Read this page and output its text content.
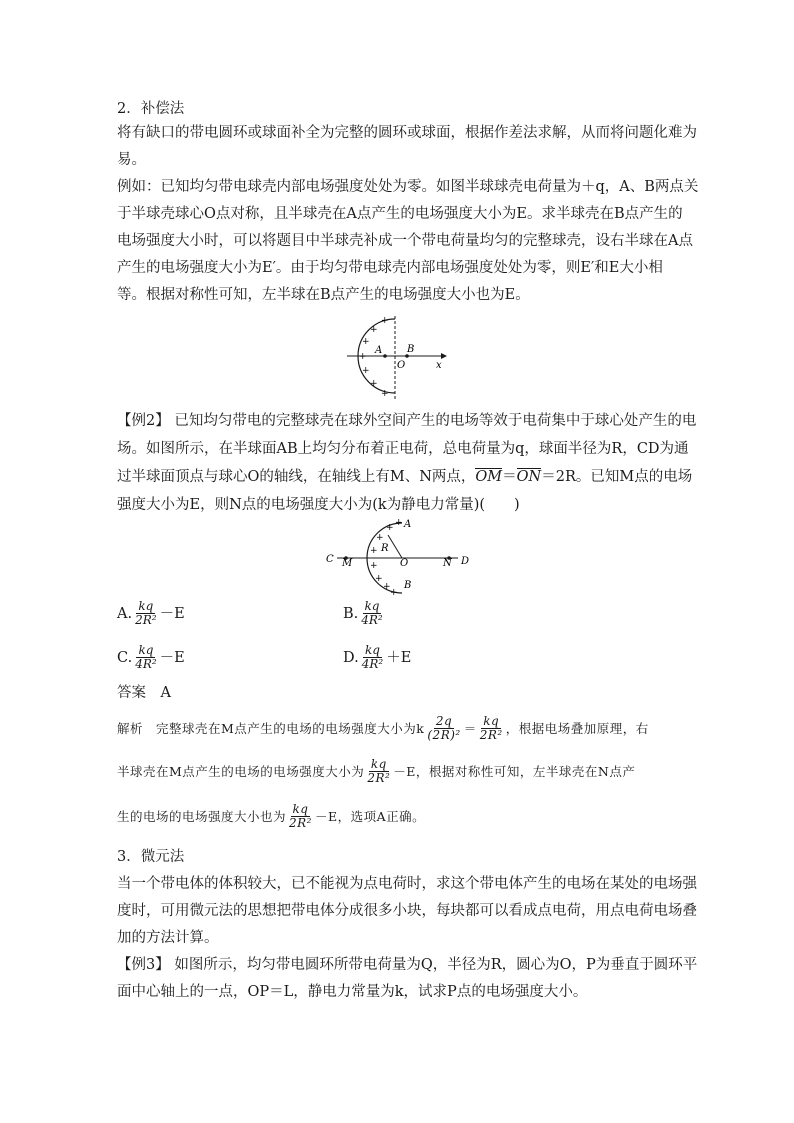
2．补偿法
将有缺口的带电圆环或球面补全为完整的圆环或球面，根据作差法求解，从而将问题化难为
易。
例如：已知均匀带电球壳内部电场强度处处为零。如图半球球壳电荷量为＋q，A、B两点关
于半球壳球心O点对称，且半球壳在A点产生的电场强度大小为E。求半球壳在B点产生的
电场强度大小时，可以将题目中半球壳补成一个带电荷量均匀的完整球壳，设右半球在A点
产生的电场强度大小为E′。由于均匀带电球壳内部电场强度处处为零，则E′和E大小相
等。根据对称性可知，左半球在B点产生的电场强度大小也为E。
+
+
+
+
+
+
+
A B
O	x
【例2】 已知均匀带电的完整球壳在球外空间产生的电场等效于电荷集中于球心处产生的电
场。如图所示，在半球面AB上均匀分布着正电荷，总电荷量为q，球面半径为R，CD为通
过半球面顶点与球心O的轴线，在轴线上有M、N两点，OM＝ON＝2R。已知M点的电场
强度大小为E，则N点的电场强度大小为(k为静电力常量)(　　)
+
+
+
+
+
+
+
+
A
B
C	D
M	N
O
R
A. $\frac{kq}{\text{2R²}} -E$	B. $\frac{kq}{\text{4R²}}$
C. $\frac{kq}{\text{4R²}} -E$	D. $\frac{kq}{\text{4R²}} +E$
答案　A
解析　完整球壳在M点产生的电场的电场强度大小为k $\frac{2q}{\text{(2R)²}} = \frac{kq}{\text{2R²}}$ ，根据电场叠加原理，右
半球壳在M点产生的电场的电场强度大小为 $\frac{kq}{\text{2R²}} -E$，根据对称性可知，左半球壳在N点产
生的电场的电场强度大小也为 $\frac{kq}{\text{2R²}} -E$，选项A正确。
3．微元法
当一个带电体的体积较大，已不能视为点电荷时，求这个带电体产生的电场在某处的电场强
度时，可用微元法的思想把带电体分成很多小块，每块都可以看成点电荷，用点电荷电场叠
加的方法计算。
【例3】 如图所示，均匀带电圆环所带电荷量为Q，半径为R，圆心为O，P为垂直于圆环平
面中心轴上的一点，OP＝L，静电力常量为k，试求P点的电场强度大小。
